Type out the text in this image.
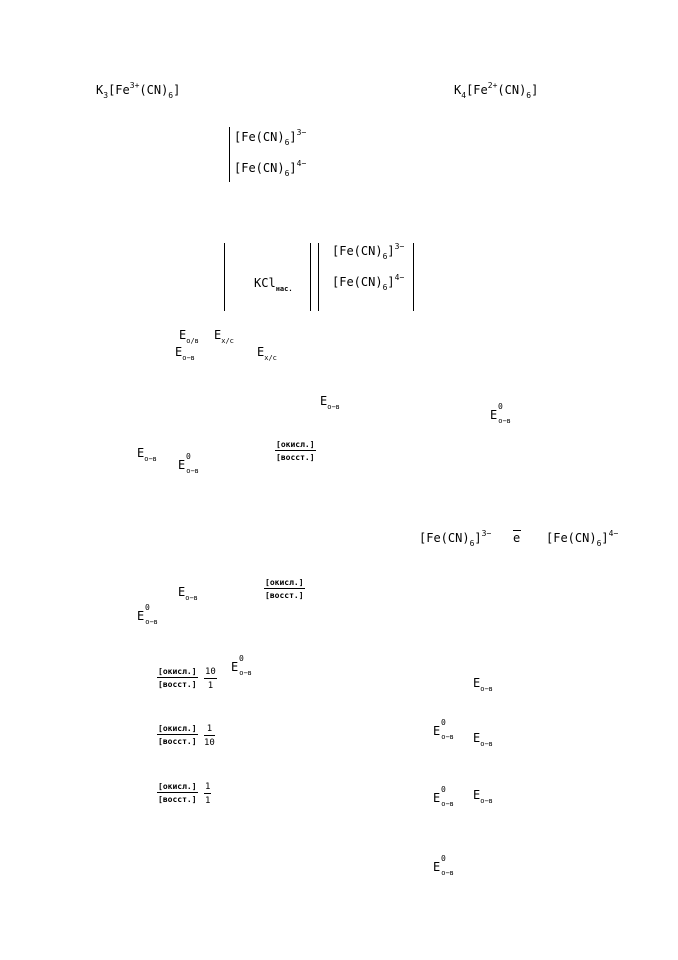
$K_3[Fe^{3+}(CN)_6]$	$K_4[Fe^{2+}(CN)_6]$
$[Fe(CN)_6]^{3-}$
$[Fe(CN)_6]^{4-}$
KCl$_{нас.}$
$[Fe(CN)_6]^{3-}$
$[Fe(CN)_6]^{4-}$
$E_{о/в}$ $E_{х/с}$
$E_{о-в}$	$E_{х/с}$
$E_{о-в}$
E
0
$_{о-в}$
$E_{о-в}$ E
0
$_{о-в}$
[окисл.]
[восст.]
$[Fe(CN)_6]^{3-}$ e $[Fe(CN)_6]^{4-}$
E
0
$_{о-в}$
$E_{о-в}$
[окисл.]
[восст.]
E
0
$_{о-в}$
[окисл.]
[восст.] $\frac{10}{1}$
E
0
$_{о-в}$
$E_{о-в}$
[окисл.]
[восст.] $\frac{1}{10}$
E
0
$_{о-в}$
$E_{о-в}$
[окисл.]
[восст.] $\frac{1}{1}$
E
0
$_{о-в}$
$E_{о-в}$
